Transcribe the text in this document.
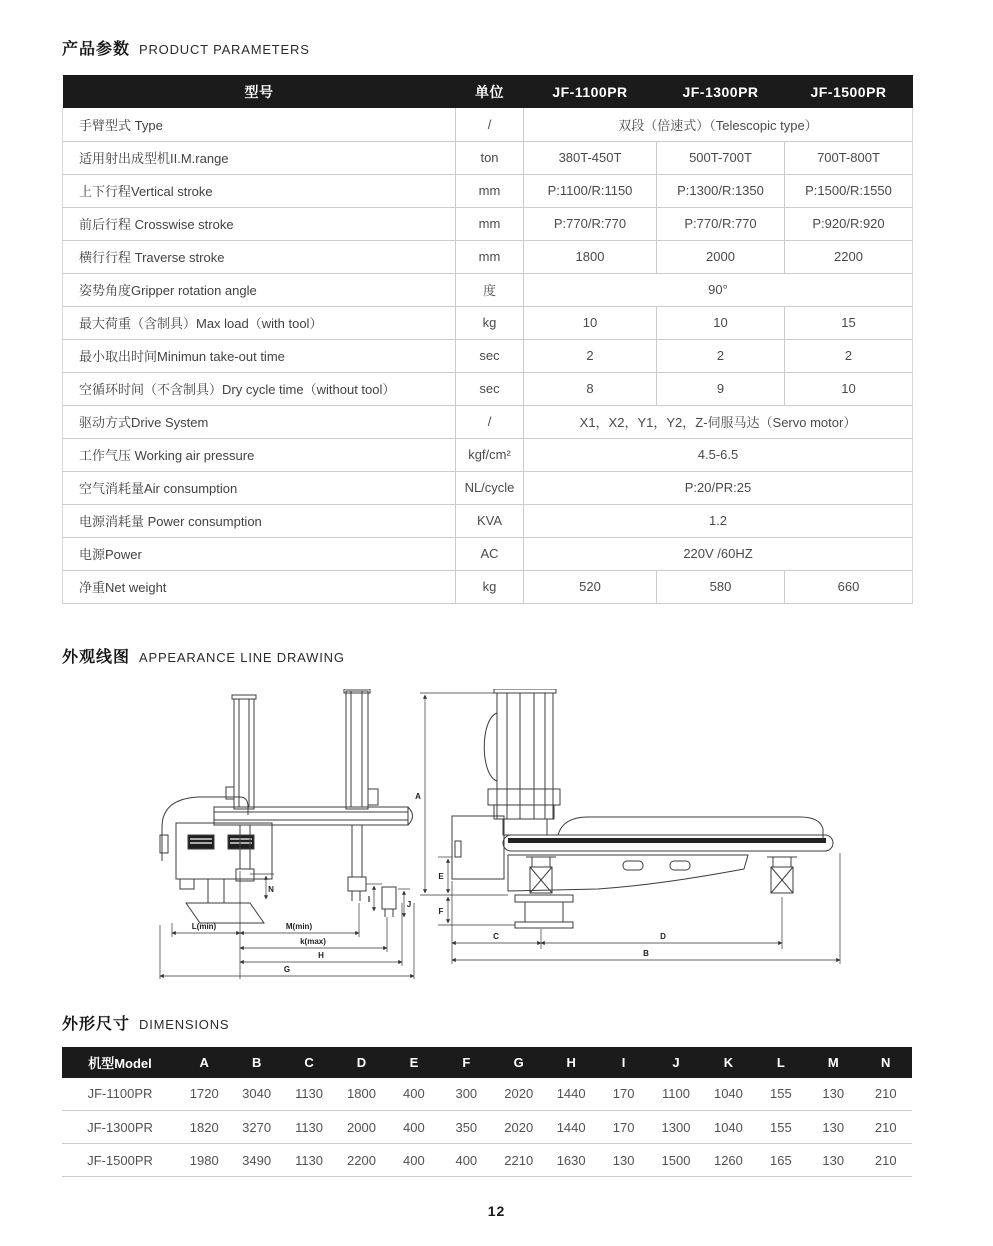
产品参数 PRODUCT PARAMETERS
型号	单位	JF-1100PR	JF-1300PR	JF-1500PR
手臂型式 Type	/	双段（倍速式）（Telescopic type）		
适用射出成型机II.M.range	ton	380T-450T	500T-700T	700T-800T
上下行程Vertical stroke	mm	P:1100/R:1150	P:1300/R:1350	P:1500/R:1550
前后行程 Crosswise stroke	mm	P:770/R:770	P:770/R:770	P:920/R:920
横行行程 Traverse stroke	mm	1800	2000	2200
姿势角度Gripper rotation angle	度	90°		
最大荷重（含制具）Max load（with tool）	kg	10	10	15
最小取出时间Minimun take-out time	sec	2	2	2
空循环时间（不含制具）Dry cycle time（without tool）	sec	8	9	10
驱动方式Drive System	/	X1，X2，Y1，Y2，Z-伺服马达（Servo motor）		
工作气压 Working air pressure	kgf/cm²	4.5-6.5		
空气消耗量Air consumption	NL/cycle	P:20/PR:25		
电源消耗量 Power consumption	KVA	1.2		
电源Power	AC	220V /60HZ		
净重Net weight	kg	520	580	660
外观线图 APPEARANCE LINE DRAWING
N
I
J
L(min)	M(min)
k(max)
H
G
A
E
F
C	D
B
外形尺寸 DIMENSIONS
机型Model	A	B	C	D	E	F	G	H	I	J	K	L	M	N
JF-1100PR	1720	3040	1130	1800	400	300	2020	1440	170	1100	1040	155	130	210
JF-1300PR	1820	3270	1130	2000	400	350	2020	1440	170	1300	1040	155	130	210
JF-1500PR	1980	3490	1130	2200	400	400	2210	1630	130	1500	1260	165	130	210
12
